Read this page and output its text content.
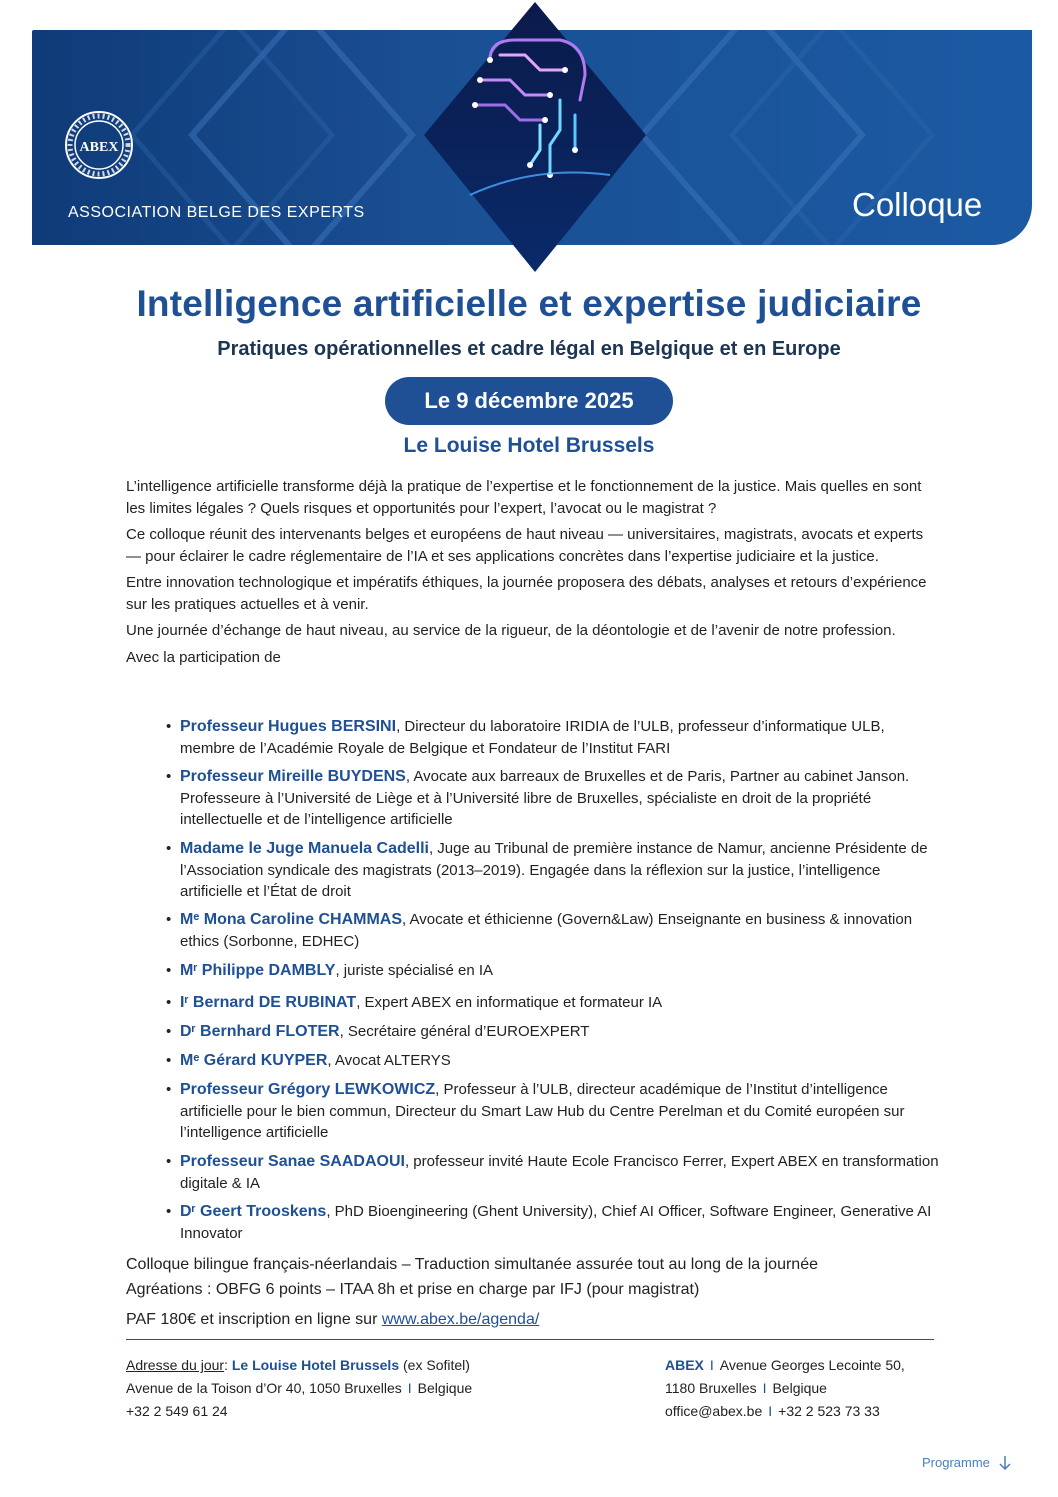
ABEX
ASSOCIATION BELGE DES EXPERTS	Colloque
Intelligence artificielle et expertise judiciaire
Pratiques opérationnelles et cadre légal en Belgique et en Europe
Le 9 décembre 2025
Le Louise Hotel Brussels

L’intelligence artificielle transforme déjà la pratique de l’expertise et le fonctionnement de la justice. Mais quelles en sont les limites légales ? Quels risques et opportunités pour l’expert, l’avocat ou le magistrat ?

Ce colloque réunit des intervenants belges et européens de haut niveau — universitaires, magistrats, avocats et experts — pour éclairer le cadre réglementaire de l’IA et ses applications concrètes dans l’expertise judiciaire et la justice.

Entre innovation technologique et impératifs éthiques, la journée proposera des débats, analyses et retours d’expérience sur les pratiques actuelles et à venir.

Une journée d’échange de haut niveau, au service de la rigueur, de la déontologie et de l’avenir de notre profession.

Avec la participation de

• Professeur Hugues BERSINI, Directeur du laboratoire IRIDIA de l’ULB, professeur d’informatique ULB, membre de l’Académie Royale de Belgique et Fondateur de l’Institut FARI
• Professeur Mireille BUYDENS, Avocate aux barreaux de Bruxelles et de Paris, Partner au cabinet Janson. Professeure à l’Université de Liège et à l’Université libre de Bruxelles, spécialiste en droit de la propriété intellectuelle et de l’intelligence artificielle
• Madame le Juge Manuela Cadelli, Juge au Tribunal de première instance de Namur, ancienne Présidente de l’Association syndicale des magistrats (2013–2019). Engagée dans la réflexion sur la justice, l’intelligence artificielle et l’État de droit
• Mᵉ Mona Caroline CHAMMAS, Avocate et éthicienne (Govern&Law) Enseignante en business & innovation ethics (Sorbonne, EDHEC)
• Mʳ Philippe DAMBLY, juriste spécialisé en IA
• Iʳ Bernard DE RUBINAT, Expert ABEX en informatique et formateur IA
• Dʳ Bernhard FLOTER, Secrétaire général d’EUROEXPERT
• Mᵉ Gérard KUYPER, Avocat ALTERYS
• Professeur Grégory LEWKOWICZ, Professeur à l’ULB, directeur académique de l’Institut d’intelligence artificielle pour le bien commun, Directeur du Smart Law Hub du Centre Perelman et du Comité européen sur l’intelligence artificielle
• Professeur Sanae SAADAOUI, professeur invité Haute Ecole Francisco Ferrer, Expert ABEX en transformation digitale & IA
• Dʳ Geert Trooskens, PhD Bioengineering (Ghent University), Chief AI Officer, Software Engineer, Generative AI Innovator
Colloque bilingue français-néerlandais – Traduction simultanée assurée tout au long de la journée
Agréations : OBFG 6 points – ITAA 8h et prise en charge par IFJ (pour magistrat)
PAF 180€ et inscription en ligne sur www.abex.be/agenda/
Adresse du jour: Le Louise Hotel Brussels (ex Sofitel)
Avenue de la Toison d’Or 40, 1050 Bruxelles I Belgique
+32 2 549 61 24
ABEX I Avenue Georges Lecointe 50,
1180 Bruxelles I Belgique
office@abex.be I +32 2 523 73 33
Programme
